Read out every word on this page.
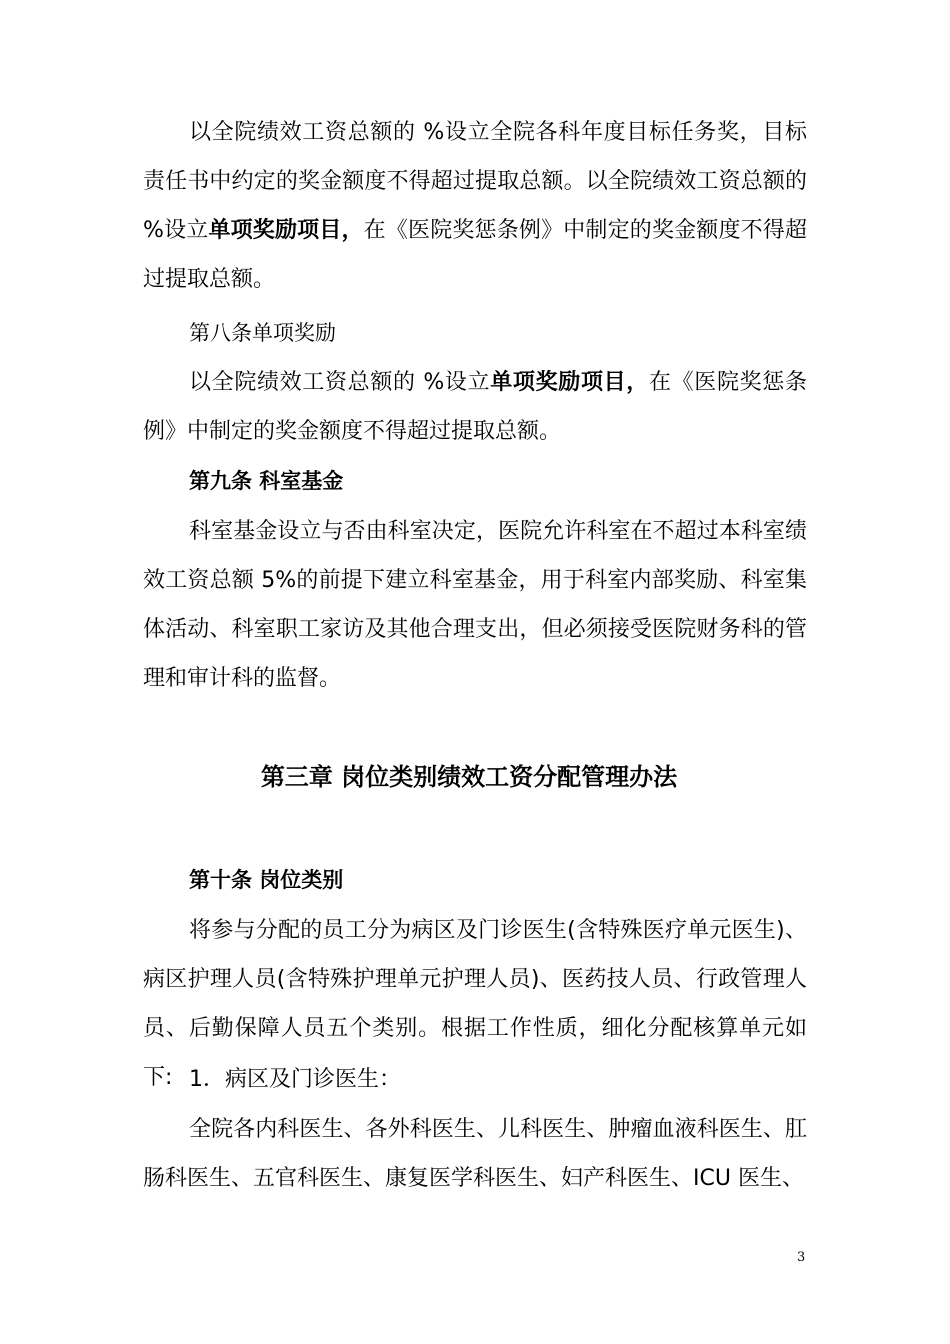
以全院绩效工资总额的 %设立全院各科年度目标任务奖，目标责任书中约定的奖金额度不得超过提取总额。以全院绩效工资总额的 %设立单项奖励项目，在《医院奖惩条例》中制定的奖金额度不得超过提取总额。

第八条单项奖励

以全院绩效工资总额的 %设立单项奖励项目，在《医院奖惩条例》中制定的奖金额度不得超过提取总额。

第九条 科室基金

科室基金设立与否由科室决定，医院允许科室在不超过本科室绩效工资总额 5%的前提下建立科室基金，用于科室内部奖励、科室集体活动、科室职工家访及其他合理支出，但必须接受医院财务科的管理和审计科的监督。

第三章 岗位类别绩效工资分配管理办法

第十条 岗位类别

将参与分配的员工分为病区及门诊医生(含特殊医疗单元医生)、病区护理人员(含特殊护理单元护理人员)、医药技人员、行政管理人员、后勤保障人员五个类别。根据工作性质，细化分配核算单元如下: 1．病区及门诊医生：

全院各内科医生、各外科医生、儿科医生、肿瘤血液科医生、肛肠科医生、五官科医生、康复医学科医生、妇产科医生、ICU 医生、

3
